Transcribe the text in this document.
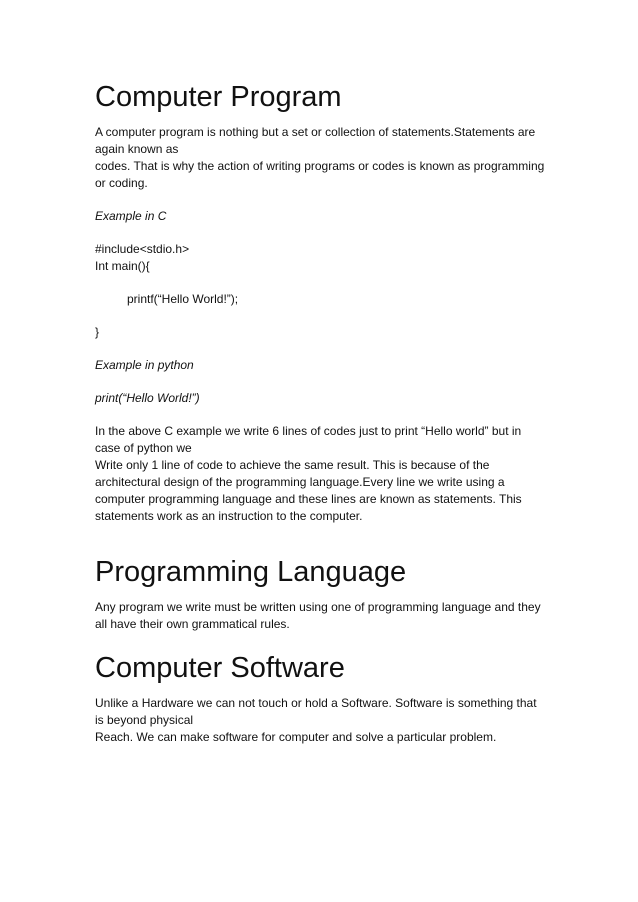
Computer Program

A computer program is nothing but a set or collection of statements.Statements are

again known as

codes. That is why the action of writing programs or codes is known as programming

or coding.

Example in C

#include<stdio.h>

Int main(){

printf(“Hello World!”);

}

Example in python

print(“Hello World!”)

In the above C example we write 6 lines of codes just to print “Hello world” but in

case of python we

Write only 1 line of code to achieve the same result. This is because of the

architectural design of the programming language.Every line we write using a

computer programming language and these lines are known as statements. This

statements work as an instruction to the computer.

Programming Language

Any program we write must be written using one of programming language and they

all have their own grammatical rules.

Computer Software

Unlike a Hardware we can not touch or hold a Software. Software is something that

is beyond physical

Reach. We can make software for computer and solve a particular problem.
